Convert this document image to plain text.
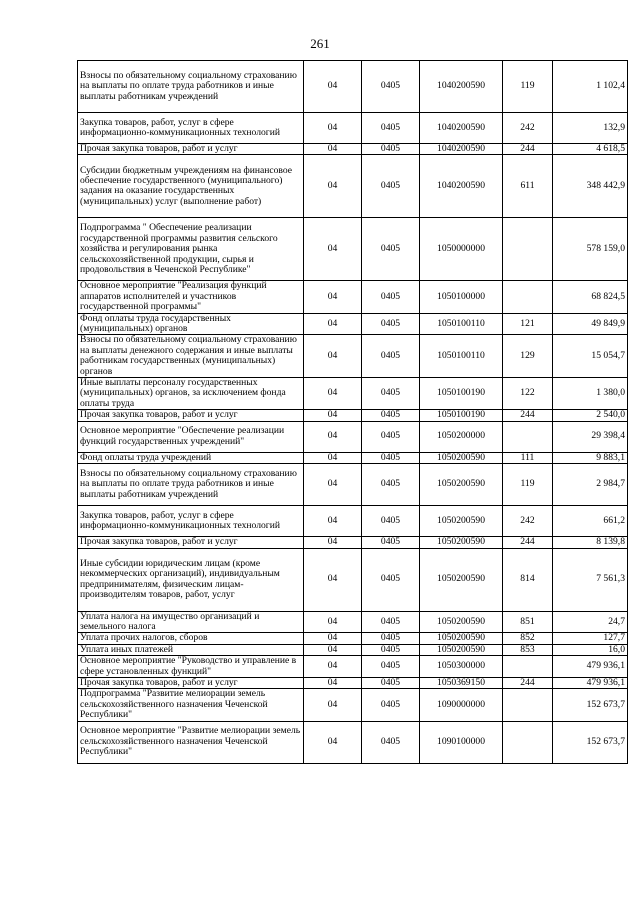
261
Взносы по обязательному социальному страхованию на выплаты по оплате труда работников и иные выплаты работникам учреждений	04	0405	1040200590	119	1 102,4
Закупка товаров, работ, услуг в сфере информационно-коммуникационных технологий	04	0405	1040200590	242	132,9
Прочая закупка товаров, работ и услуг	04	0405	1040200590	244	4 618,5
Субсидии бюджетным учреждениям на финансовое обеспечение государственного (муниципального) задания на оказание государственных (муниципальных) услуг (выполнение работ)	04	0405	1040200590	611	348 442,9
Подпрограмма " Обеспечение реализации государственной программы развития сельского хозяйства и регулирования рынка сельскохозяйственной продукции, сырья и продовольствия в Чеченской Республике"	04	0405	1050000000		578 159,0
Основное мероприятие "Реализация функций аппаратов исполнителей и участников государственной программы"	04	0405	1050100000		68 824,5
Фонд оплаты труда государственных (муниципальных) органов	04	0405	1050100110	121	49 849,9
Взносы по обязательному социальному страхованию на выплаты денежного содержания и иные выплаты работникам государственных (муниципальных) органов	04	0405	1050100110	129	15 054,7
Иные выплаты персоналу государственных (муниципальных) органов, за исключением фонда оплаты труда	04	0405	1050100190	122	1 380,0
Прочая закупка товаров, работ и услуг	04	0405	1050100190	244	2 540,0
Основное мероприятие "Обеспечение реализации функций государственных учреждений"	04	0405	1050200000		29 398,4
Фонд оплаты труда учреждений	04	0405	1050200590	111	9 883,1
Взносы по обязательному социальному страхованию на выплаты по оплате труда работников и иные выплаты работникам учреждений	04	0405	1050200590	119	2 984,7
Закупка товаров, работ, услуг в сфере информационно-коммуникационных технологий	04	0405	1050200590	242	661,2
Прочая закупка товаров, работ и услуг	04	0405	1050200590	244	8 139,8
Иные субсидии юридическим лицам (кроме некоммерческих организаций), индивидуальным предпринимателям, физическим лицам-производителям товаров, работ, услуг	04	0405	1050200590	814	7 561,3
Уплата налога на имущество организаций и земельного налога	04	0405	1050200590	851	24,7
Уплата прочих налогов, сборов	04	0405	1050200590	852	127,7
Уплата иных платежей	04	0405	1050200590	853	16,0
Основное мероприятие "Руководство и управление в сфере установленных функций"	04	0405	1050300000		479 936,1
Прочая закупка товаров, работ и услуг	04	0405	1050369150	244	479 936,1
Подпрограмма "Развитие мелиорации земель сельскохозяйственного назначения Чеченской Республики"	04	0405	1090000000		152 673,7
Основное мероприятие "Развитие мелиорации земель сельскохозяйственного назначения Чеченской Республики"	04	0405	1090100000		152 673,7
